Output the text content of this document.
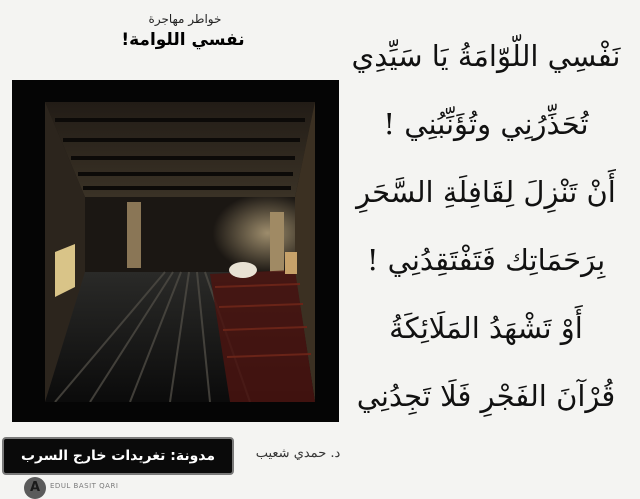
خواطر مهاجرة
نفسي اللوامة!
A	EDUL BASIT QARI
نَفْسِي اللّوّامَةُ يَا سَيِّدِي
تُحَذِّرُنِي وتُؤَنِّبُنِي !
أَنْ تَنْزِلَ لِقَافِلَةِ السَّحَرِ
بِرَحَمَاتِك فَتَفْتَقِدُنِي !
أَوْ تَشْهَدُ المَلَائِكَةُ
قُرْآنَ الفَجْرِ فَلَا تَجِدُنِي
د. حمدي شعيب
مدونة: تغريدات خارج السرب
